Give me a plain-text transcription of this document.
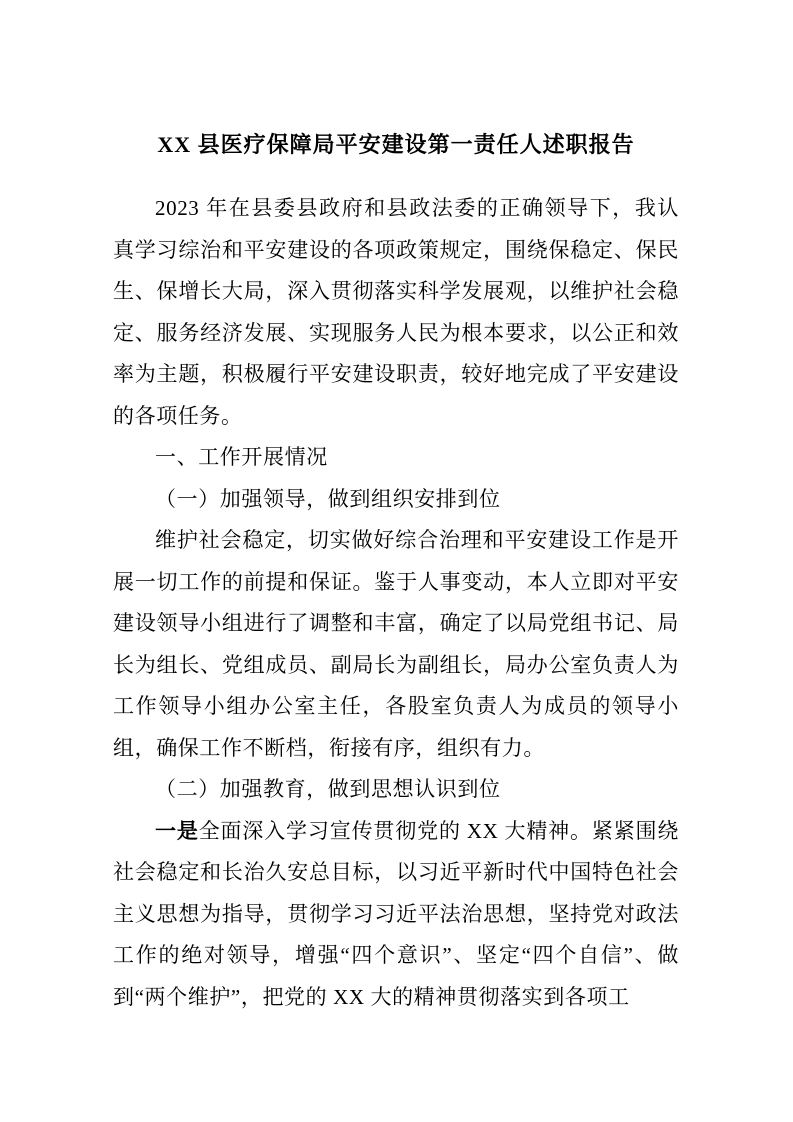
XX 县医疗保障局平安建设第一责任人述职报告

2023 年在县委县政府和县政法委的正确领导下，我认真学习综治和平安建设的各项政策规定，围绕保稳定、保民生、保增长大局，深入贯彻落实科学发展观，以维护社会稳定、服务经济发展、实现服务人民为根本要求，以公正和效率为主题，积极履行平安建设职责，较好地完成了平安建设的各项任务。

一、工作开展情况

（一）加强领导，做到组织安排到位

维护社会稳定，切实做好综合治理和平安建设工作是开展一切工作的前提和保证。鉴于人事变动，本人立即对平安建设领导小组进行了调整和丰富，确定了以局党组书记、局长为组长、党组成员、副局长为副组长，局办公室负责人为工作领导小组办公室主任，各股室负责人为成员的领导小组，确保工作不断档，衔接有序，组织有力。

（二）加强教育，做到思想认识到位

一是全面深入学习宣传贯彻党的 XX 大精神。紧紧围绕社会稳定和长治久安总目标，以习近平新时代中国特色社会主义思想为指导，贯彻学习习近平法治思想，坚持党对政法工作的绝对领导，增强“四个意识”、坚定“四个自信”、做到“两个维护”，把党的 XX 大的精神贯彻落实到各项工
